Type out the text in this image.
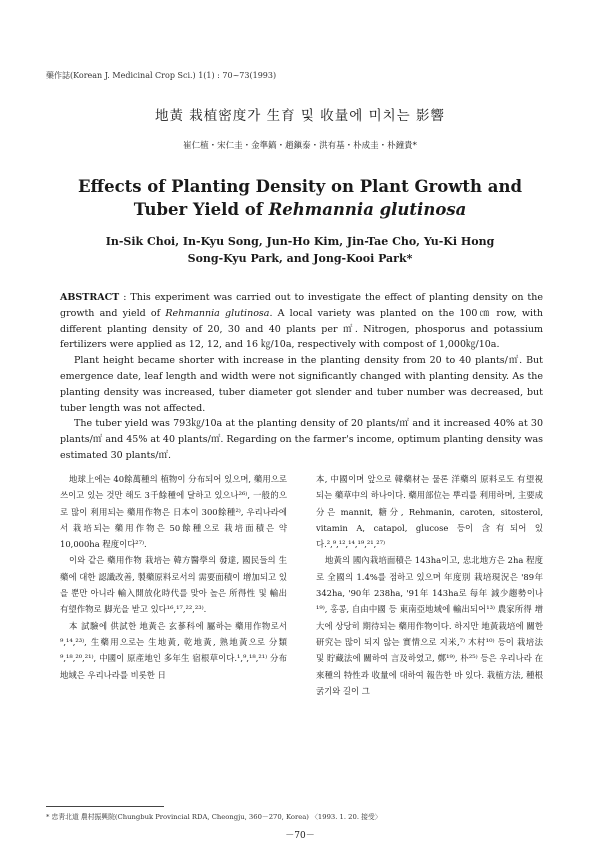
藥作誌(Korean J. Medicinal Crop Sci.) 1(1) : 70~73(1993)
地黃 栽植密度가 生育 및 收量에 미치는 影響
崔仁植・宋仁圭・金準鎬・趙鎭泰・洪有基・朴成圭・朴鐘貴*
Effects of Planting Density on Plant Growth and
Tuber Yield of Rehmannia glutinosa
In-Sik Choi, In-Kyu Song, Jun-Ho Kim, Jin-Tae Cho, Yu-Ki Hong
Song-Kyu Park, and Jong-Kooi Park*

ABSTRACT : This experiment was carried out to investigate the effect of planting density on the growth and yield of Rehmannia glutinosa. A local variety was planted on the 100㎝ row, with different planting density of 20, 30 and 40 plants per ㎡. Nitrogen, phosporus and potassium fertilizers were applied as 12, 12, and 16 ㎏/10a, respectively with compost of 1,000㎏/10a.

Plant height became shorter with increase in the planting density from 20 to 40 plants/㎡. But emergence date, leaf length and width were not significantly changed with planting density. As the planting density was increased, tuber diameter got slender and tuber number was decreased, but tuber length was not affected.

The tuber yield was 793㎏/10a at the planting density of 20 plants/㎡ and it increased 40% at 30 plants/㎡ and 45% at 40 plants/㎡. Regarding on the farmer's income, optimum planting density was estimated 30 plants/㎡.

地球上에는 40餘萬種의 植物이 分布되어 있으며, 藥用으로 쓰이고 있는 것만 해도 3千餘種에 달하고 있으나²⁶⁾, 一般的으로 많이 利用되는 藥用作物은 日本이 300餘種²⁾, 우리나라에서 栽培되는 藥用作物은 50餘種으로 栽培面積은 약 10,000ha 程度이다²⁷⁾.

이와 같은 藥用作物 栽培는 韓方醫學의 發達, 國民들의 生藥에 대한 認識改善, 製藥原料로서의 需要面積이 增加되고 있을 뿐만 아니라 輸入開放化時代를 맞아 높은 所得性 및 輸出 有望作物로 脚光을 받고 있다¹⁶,¹⁷,²²,²³⁾.

本 試驗에 供試한 地黃은 玄蔘科에 屬하는 藥用作物로서⁹,¹⁴,²³⁾, 生藥用으로는 生地黃, 乾地黃, 熟地黃으로 分類⁹,¹⁸,²⁰,²¹⁾, 中國이 原產地인 多年生 宿根草이다.¹,⁹,¹⁸,²¹⁾ 分布地域은 우리나라를 비롯한 日

本, 中國이며 앞으로 韓藥材는 물론 洋藥의 原料로도 有望視되는 藥草中의 하나이다. 藥用部位는 뿌리를 利用하며, 主要成分은 mannit, 糖分, Rehmanin, caroten, sitosterol, vitamin A, catapol, glucose 등이 含有되어 있다.²,⁹,¹²,¹⁴,¹⁹,²¹,²⁷⁾

地黃의 國內栽培面積은 143ha이고, 忠北地方은 2ha 程度로 全國의 1.4%를 점하고 있으며 年度別 栽培現況은 '89年 342ha, '90年 238ha, '91年 143ha로 每年 減少趨勢이나¹⁹⁾, 홍콩, 自由中國 등 東南亞地域에 輸出되어¹³⁾ 農家所得 增大에 상당히 期待되는 藥用作物이다. 하지만 地黃栽培에 關한 研究는 많이 되지 않는 實情으로 지米,⁷⁾ 木村¹⁰⁾ 등이 栽培法 및 貯藏法에 關하여 言及하였고, 鄭¹⁹⁾, 朴²⁵⁾ 등은 우리나라 在來種의 特性과 收量에 대하여 報告한 바 있다. 栽植方法, 種根 굵기와 길이 그

* 忠靑北道 農村振興院(Chungbuk Provincial RDA, Cheongju, 360－270, Korea) 〈1993. 1. 20. 接受〉
－70－
